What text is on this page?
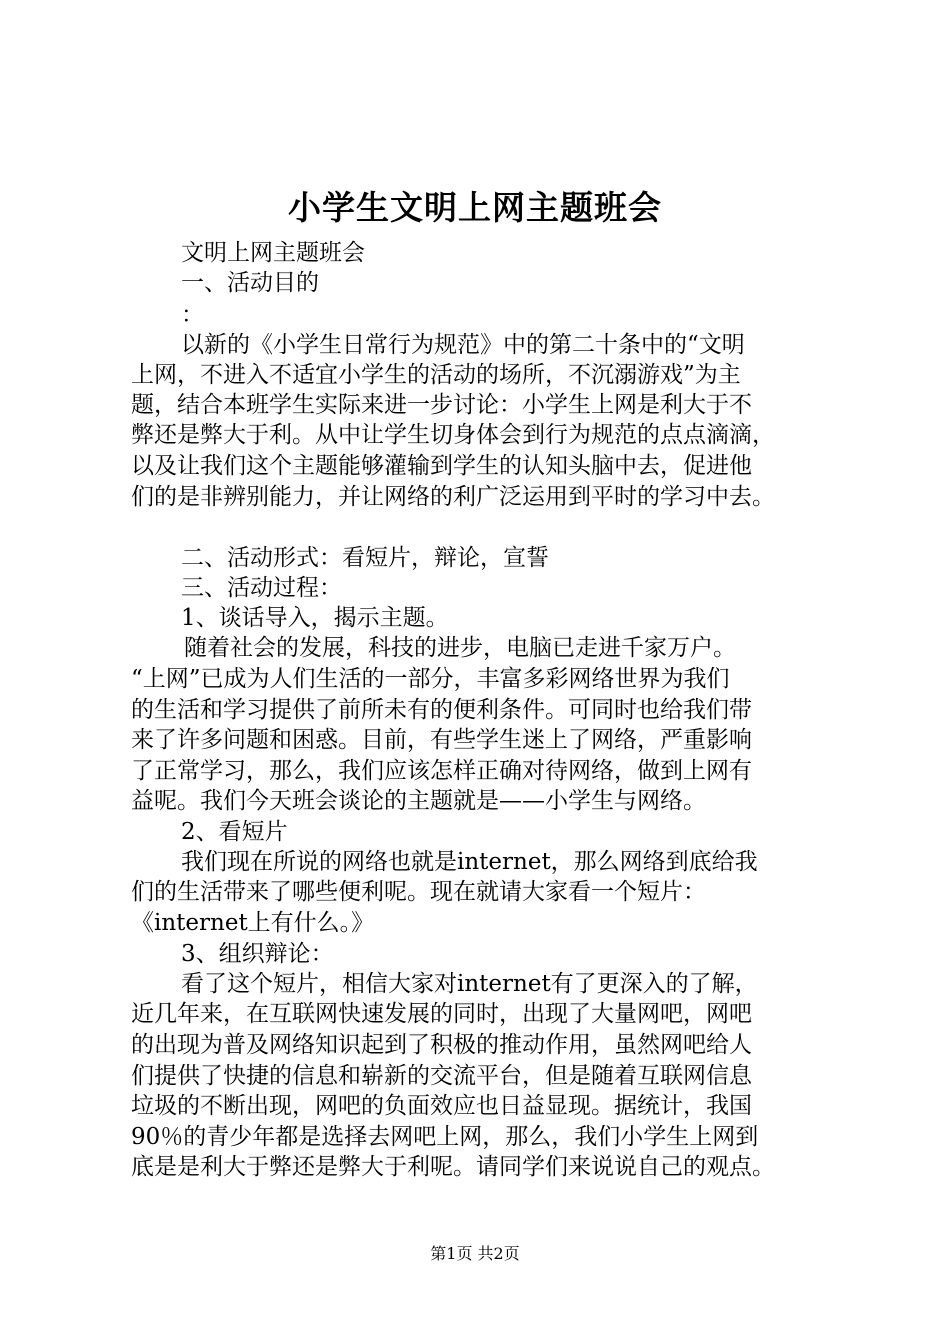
小学生文明上网主题班会
文明上网主题班会
一、活动目的
：
以新的《小学生日常行为规范》中的第二十条中的“文明
上网，不进入不适宜小学生的活动的场所，不沉溺游戏”为主
题，结合本班学生实际来进一步讨论：小学生上网是利大于不
弊还是弊大于利。从中让学生切身体会到行为规范的点点滴滴，
以及让我们这个主题能够灌输到学生的认知头脑中去，促进他
们的是非辨别能力，并让网络的利广泛运用到平时的学习中去。
二、活动形式：看短片，辩论，宣誓
三、活动过程：
1、谈话导入，揭示主题。
随着社会的发展，科技的进步，电脑已走进千家万户。
“上网”已成为人们生活的一部分，丰富多彩网络世界为我们
的生活和学习提供了前所未有的便利条件。可同时也给我们带
来了许多问题和困惑。目前，有些学生迷上了网络，严重影响
了正常学习，那么，我们应该怎样正确对待网络，做到上网有
益呢。我们今天班会谈论的主题就是——小学生与网络。
2、看短片
我们现在所说的网络也就是internet，那么网络到底给我
们的生活带来了哪些便利呢。现在就请大家看一个短片：
《internet上有什么。》
3、组织辩论：
看了这个短片，相信大家对internet有了更深入的了解，
近几年来，在互联网快速发展的同时，出现了大量网吧，网吧
的出现为普及网络知识起到了积极的推动作用，虽然网吧给人
们提供了快捷的信息和崭新的交流平台，但是随着互联网信息
垃圾的不断出现，网吧的负面效应也日益显现。据统计，我国
90％的青少年都是选择去网吧上网，那么，我们小学生上网到
底是是利大于弊还是弊大于利呢。请同学们来说说自己的观点。
第1页 共2页
